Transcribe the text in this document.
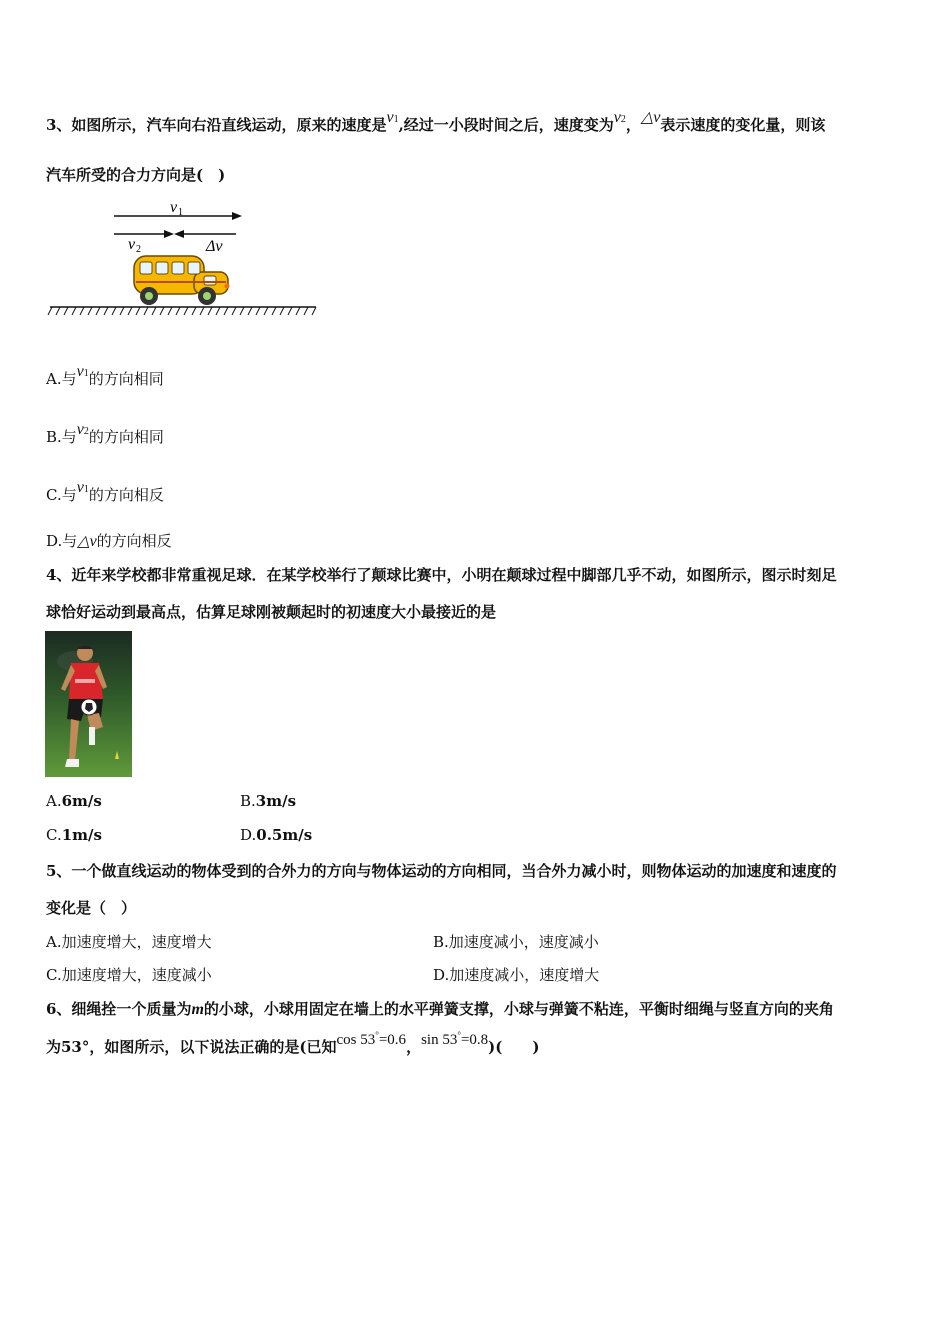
3、如图所示，汽车向右沿直线运动，原来的速度是v1,经过一小段时间之后，速度变为v2，△v表示速度的变化量，则该
汽车所受的合力方向是(　)
v 1
v 2	Δv
A.与v1的方向相同
B.与v2的方向相同
C.与v1的方向相反
D.与△v的方向相反
4、近年来学校都非常重视足球．在某学校举行了颠球比赛中，小明在颠球过程中脚部几乎不动，如图所示，图示时刻足
球恰好运动到最高点，估算足球刚被颠起时的初速度大小最接近的是
A.6m/s	B.3m/s
C.1m/s	D.0.5m/s
5、一个做直线运动的物体受到的合外力的方向与物体运动的方向相同，当合外力减小时，则物体运动的加速度和速度的
变化是（　）
A.加速度增大，速度增大	B.加速度减小，速度减小
C.加速度增大，速度减小	D.加速度减小，速度增大
6、细绳拴一个质量为m的小球，小球用固定在墙上的水平弹簧支撑，小球与弹簧不粘连，平衡时细绳与竖直方向的夹角
为53°，如图所示，以下说法正确的是(已知cos 53°=0.6，sin 53°=0.8)(　　)
